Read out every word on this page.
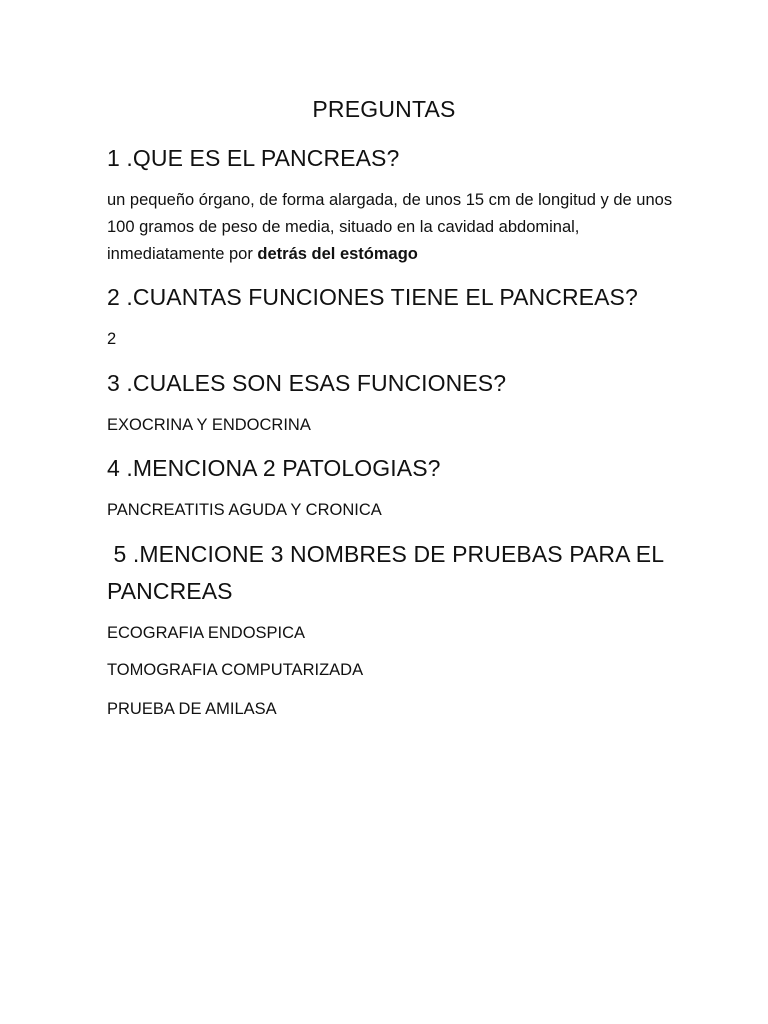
PREGUNTAS
1 .QUE ES EL PANCREAS?
un pequeño órgano, de forma alargada, de unos 15 cm de longitud y de unos 100 gramos de peso de media, situado en la cavidad abdominal, inmediatamente por detrás del estómago
2 .CUANTAS FUNCIONES TIENE EL PANCREAS?
2
3 .CUALES SON ESAS FUNCIONES?
EXOCRINA Y ENDOCRINA
4 .MENCIONA 2 PATOLOGIAS?
PANCREATITIS AGUDA Y CRONICA
5 .MENCIONE 3 NOMBRES DE PRUEBAS PARA EL PANCREAS
ECOGRAFIA ENDOSPICA
TOMOGRAFIA COMPUTARIZADA
PRUEBA DE AMILASA
